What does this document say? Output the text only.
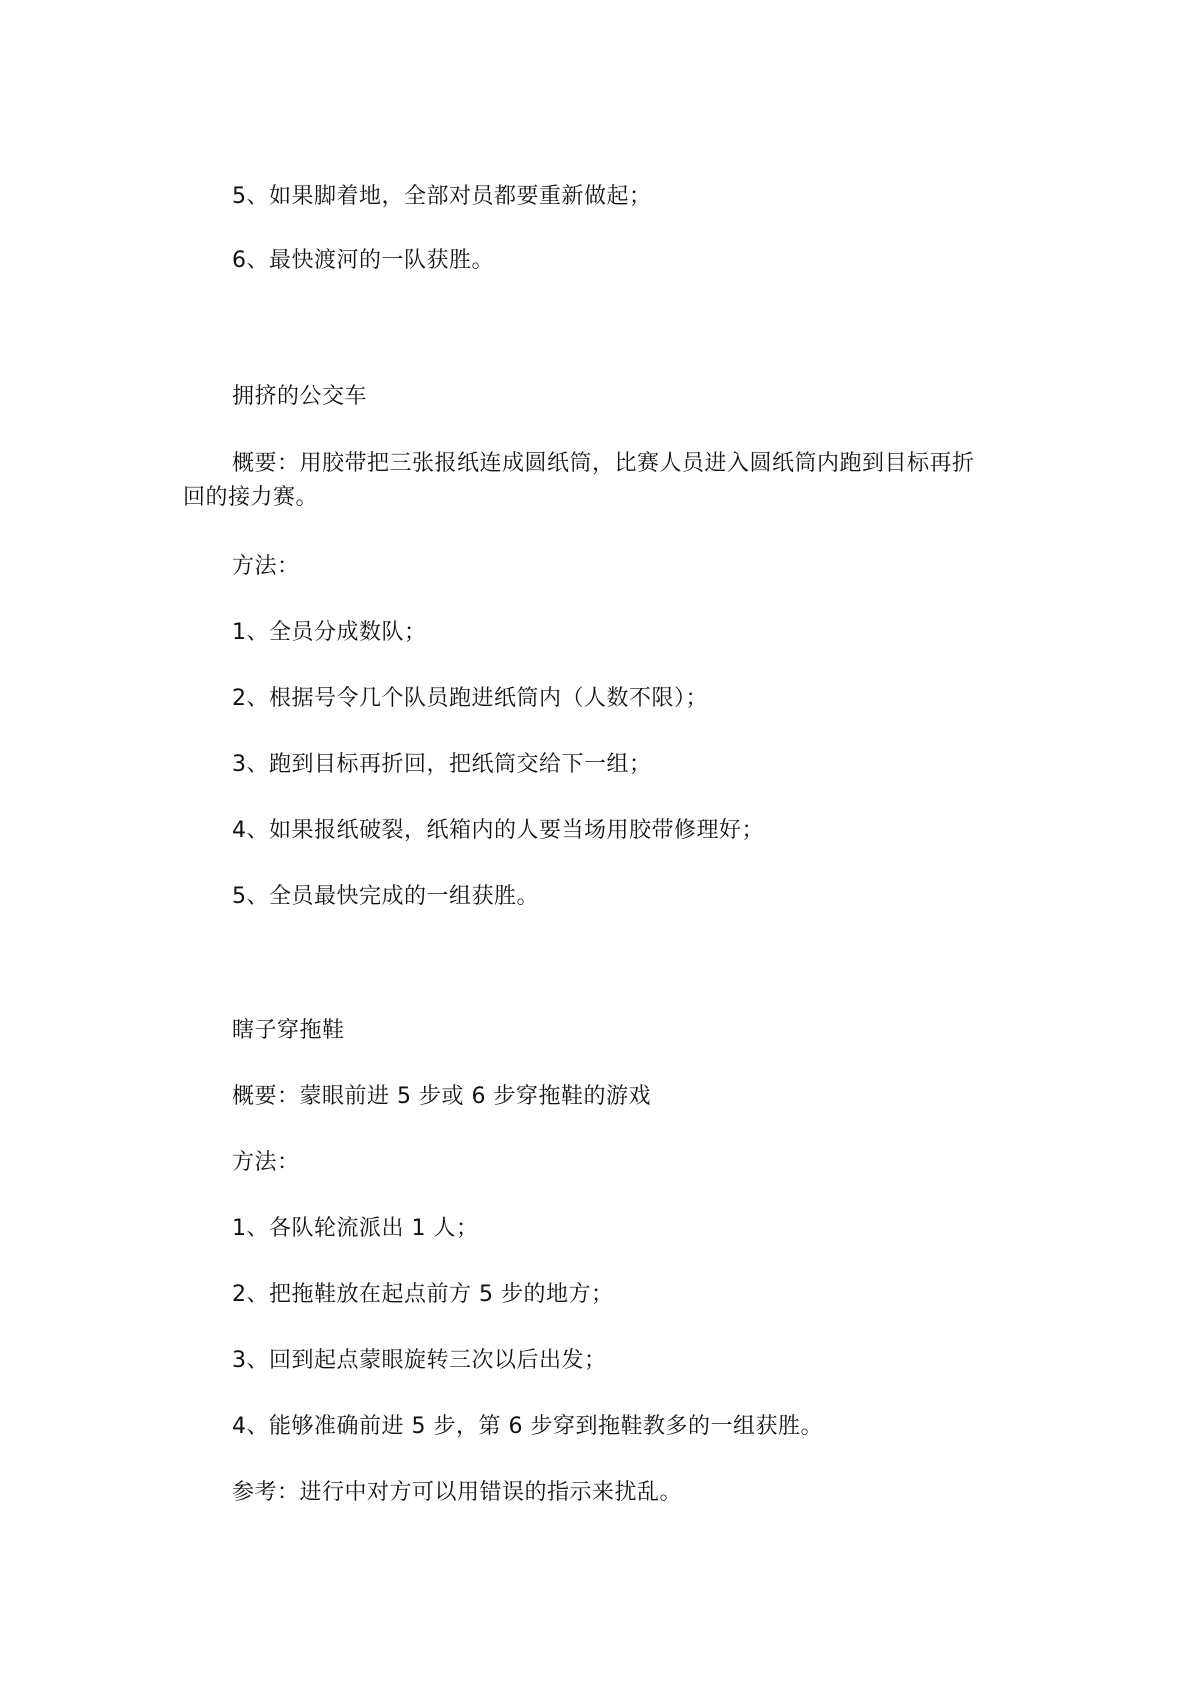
5、如果脚着地，全部对员都要重新做起；
6、最快渡河的一队获胜。
拥挤的公交车
概要：用胶带把三张报纸连成圆纸筒，比赛人员进入圆纸筒内跑到目标再折
回的接力赛。
方法：
1、全员分成数队；
2、根据号令几个队员跑进纸筒内（人数不限）；
3、跑到目标再折回，把纸筒交给下一组；
4、如果报纸破裂，纸箱内的人要当场用胶带修理好；
5、全员最快完成的一组获胜。
瞎子穿拖鞋
概要：蒙眼前进 5 步或 6 步穿拖鞋的游戏
方法：
1、各队轮流派出 1 人；
2、把拖鞋放在起点前方 5 步的地方；
3、回到起点蒙眼旋转三次以后出发；
4、能够准确前进 5 步，第 6 步穿到拖鞋教多的一组获胜。
参考：进行中对方可以用错误的指示来扰乱。
